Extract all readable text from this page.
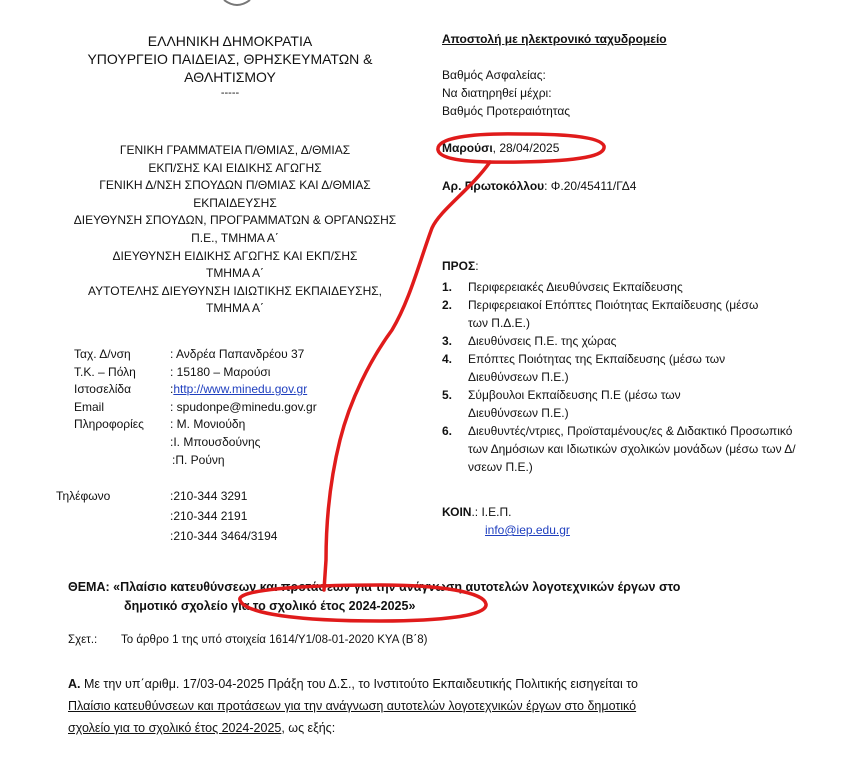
ΕΛΛΗΝΙΚΗ ΔΗΜΟΚΡΑΤΙΑ
ΥΠΟΥΡΓΕΙΟ ΠΑΙΔΕΙΑΣ, ΘΡΗΣΚΕΥΜΑΤΩΝ &
ΑΘΛΗΤΙΣΜΟΥ
-----
ΓΕΝΙΚΗ ΓΡΑΜΜΑΤΕΙΑ Π/ΘΜΙΑΣ, Δ/ΘΜΙΑΣ
ΕΚΠ/ΣΗΣ ΚΑΙ ΕΙΔΙΚΗΣ ΑΓΩΓΗΣ
ΓΕΝΙΚΗ Δ/ΝΣΗ ΣΠΟΥΔΩΝ Π/ΘΜΙΑΣ ΚΑΙ Δ/ΘΜΙΑΣ
ΕΚΠΑΙΔΕΥΣΗΣ
ΔΙΕΥΘΥΝΣΗ ΣΠΟΥΔΩΝ, ΠΡΟΓΡΑΜΜΑΤΩΝ & ΟΡΓΑΝΩΣΗΣ
Π.Ε., ΤΜΗΜΑ Α΄
ΔΙΕΥΘΥΝΣΗ ΕΙΔΙΚΗΣ ΑΓΩΓΗΣ ΚΑΙ ΕΚΠ/ΣΗΣ
ΤΜΗΜΑ Α΄
ΑΥΤΟΤΕΛΗΣ ΔΙΕΥΘΥΝΣΗ ΙΔΙΩΤΙΚΗΣ ΕΚΠΑΙΔΕΥΣΗΣ,
ΤΜΗΜΑ Α΄
Ταχ. Δ/νση	: Ανδρέα Παπανδρέου 37
Τ.Κ. – Πόλη	: 15180 – Μαρούσι
Ιστοσελίδα	: http://www.minedu.gov.gr
Email	: spudonpe@minedu.gov.gr
Πληροφορίες	: Μ. Μονιούδη
:Ι. Μπουσδούνης
:Π. Ρούνη
Τηλέφωνο	:210-344 3291
:210-344 2191
:210-344 3464/3194
Αποστολή με ηλεκτρονικό ταχυδρομείο
Βαθμός Ασφαλείας:
Να διατηρηθεί μέχρι:
Βαθμός Προτεραιότητας
Μαρούσι, 28/04/2025
Αρ. Πρωτοκόλλου: Φ.20/45411/ΓΔ4
ΠΡΟΣ:
1.	Περιφερειακές Διευθύνσεις Εκπαίδευσης
2.	Περιφερειακοί Επόπτες Ποιότητας Εκπαίδευσης (μέσω των Π.Δ.Ε.)
3.	Διευθύνσεις Π.Ε. της χώρας
4.	Επόπτες Ποιότητας της Εκπαίδευσης (μέσω των Διευθύνσεων Π.Ε.)
5.	Σύμβουλοι Εκπαίδευσης Π.Ε (μέσω των Διευθύνσεων Π.Ε.)
6.	Διευθυντές/ντριες, Προϊσταμένους/ες & Διδακτικό Προσωπικό των Δημόσιων και Ιδιωτικών σχολικών μονάδων (μέσω των Δ/νσεων Π.Ε.)
ΚΟΙΝ.: Ι.Ε.Π.
info@iep.edu.gr
ΘΕΜΑ: «Πλαίσιο κατευθύνσεων και προτάσεων για την ανάγνωση αυτοτελών λογοτεχνικών έργων στο
δημοτικό σχολείο για το σχολικό έτος 2024-2025»
Σχετ.: Το άρθρο 1 της υπό στοιχεία 1614/Υ1/08-01-2020 ΚΥΑ (Β΄8)
Α. Με την υπ΄αριθμ. 17/03-04-2025 Πράξη του Δ.Σ., το Ινστιτούτο Εκπαιδευτικής Πολιτικής εισηγείται το
Πλαίσιο κατευθύνσεων και προτάσεων για την ανάγνωση αυτοτελών λογοτεχνικών έργων στο δημοτικό
σχολείο για το σχολικό έτος 2024-2025, ως εξής:
